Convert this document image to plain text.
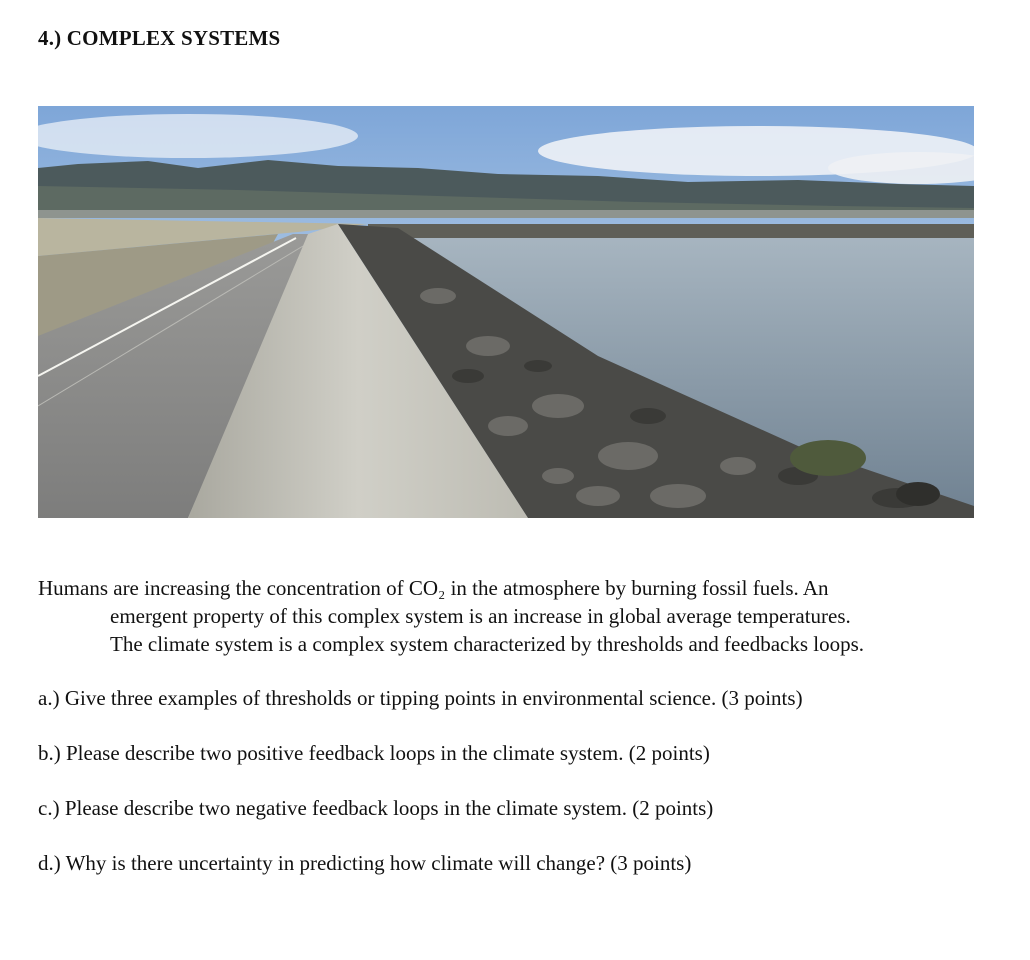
4.) COMPLEX SYSTEMS
Humans are increasing the concentration of CO₂ in the atmosphere by burning fossil fuels. An
emergent property of this complex system is an increase in global average temperatures.
The climate system is a complex system characterized by thresholds and feedbacks loops.
a.) Give three examples of thresholds or tipping points in environmental science. (3 points)
b.) Please describe two positive feedback loops in the climate system. (2 points)
c.) Please describe two negative feedback loops in the climate system. (2 points)
d.) Why is there uncertainty in predicting how climate will change? (3 points)
